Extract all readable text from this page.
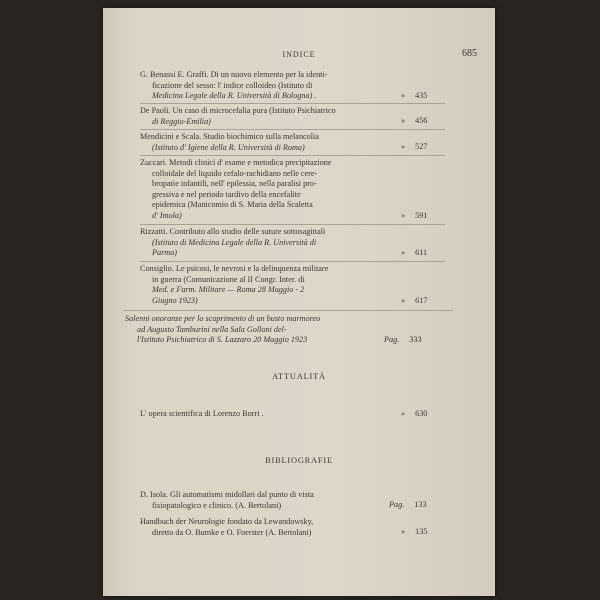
INDICE	685
G. Benassi E. Graffi. Di un nuovo elemento per la identi-
ficazione del sesso: l' indice colloideo (Istituto di
Medicina Legale della R. Università di Bologna) .	» 435
De Paoli. Un caso di microcefalia pura (Istituto Psichiatrico
di Reggio-Emilia)	» 456
Mendicini e Scala. Studio biochimico sulla melancolia
(Istituto d' Igiene della R. Università di Roma)	» 527
Zuccari. Metodi clinici d' esame e metodica precipitazione
colloidale del liquido cefalo-rachidiano nelle cere-
bropatie infantili, nell' epilessia, nella paralisi pro-
gressiva e nel periodo tardivo della encefalite
epidemica (Manicomio di S. Maria della Scaletta
d' Imola)	» 591
Rizzatti. Contributo allo studio delle suture sottosagittali
(Istituto di Medicina Legale della R. Università di
Parma)	» 611
Consiglio. Le psicosi, le nevrosi e la delinquenza militare
in guerra (Comunicazione al II Congr. Inter. di
Med. e Farm. Militare — Roma 28 Maggio - 2
Giugno 1923)	» 617
Solenni onoranze per lo scoprimento di un busto marmoreo
ad Augusto Tamburini nella Sala Golloni del-
l'Istituto Psichiatrico di S. Lazzaro 20 Maggio 1923	Pag. 333
ATTUALITÀ
L' opera scientifica di Lorenzo Borri .	» 630
BIBLIOGRAFIE
D. Isola. Gli automatismi midollari dal punto di vista
fisiopatologico e clinico. (A. Bertolani)	Pag. 133
Handbuch der Neurologie fondato da Lewandowsky,
diretto da O. Bumke e O. Foerster (A. Bertolani)	» 135
